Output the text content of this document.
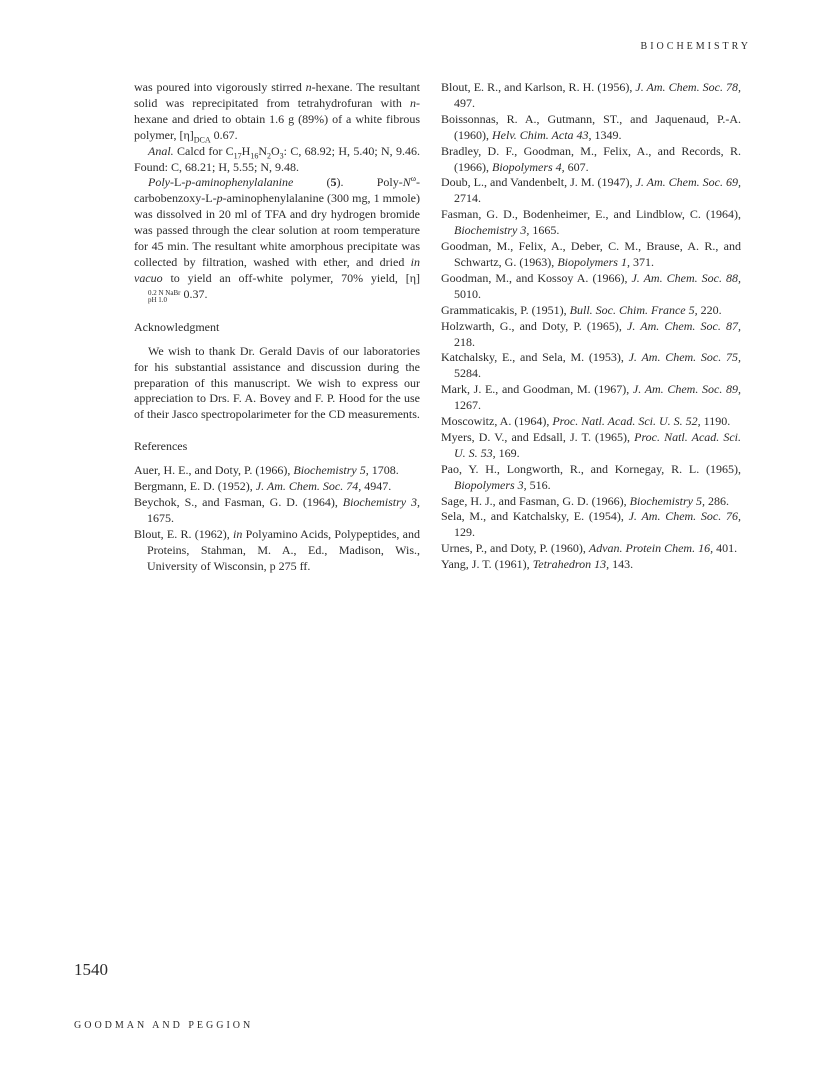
BIOCHEMISTRY

was poured into vigorously stirred n-hexane. The resultant solid was reprecipitated from tetrahydrofuran with n-hexane and dried to obtain 1.6 g (89%) of a white fibrous polymer, $[\eta]_{DCA}$ 0.67.

Anal. Calcd for $C_{17}H_{16}N_2O_3$: C, 68.92; H, 5.40; N, 9.46. Found: C, 68.21; H, 5.55; N, 9.48.

Poly-L-p-aminophenylalanine (5). Poly-$N^\omega-carbobenzoxy-L-p$-aminophenylalanine (300 mg, 1 mmole) was dissolved in 20 ml of TFA and dry hydrogen bromide was passed through the clear solution at room temperature for 45 min. The resultant white amorphous precipitate was collected by filtration, washed with ether, and dried in vacuo to yield an off-white polymer, 70% yield, [η]
0.2 N NaBr
pH 1.0	0.37.

Acknowledgment

We wish to thank Dr. Gerald Davis of our laboratories for his substantial assistance and discussion during the preparation of this manuscript. We wish to express our appreciation to Drs. F. A. Bovey and F. P. Hood for the use of their Jasco spectropolarimeter for the CD measurements.

References

Auer, H. E., and Doty, P. (1966), Biochemistry 5, 1708.

Bergmann, E. D. (1952), J. Am. Chem. Soc. 74, 4947.

Beychok, S., and Fasman, G. D. (1964), Biochemistry 3, 1675.

Blout, E. R. (1962), in Polyamino Acids, Polypeptides, and Proteins, Stahman, M. A., Ed., Madison, Wis., University of Wisconsin, p 275 ff.

Blout, E. R., and Karlson, R. H. (1956), J. Am. Chem. Soc. 78, 497.

Boissonnas, R. A., Gutmann, ST., and Jaquenaud, P.-A. (1960), Helv. Chim. Acta 43, 1349.

Bradley, D. F., Goodman, M., Felix, A., and Records, R. (1966), Biopolymers 4, 607.

Doub, L., and Vandenbelt, J. M. (1947), J. Am. Chem. Soc. 69, 2714.

Fasman, G. D., Bodenheimer, E., and Lindblow, C. (1964), Biochemistry 3, 1665.

Goodman, M., Felix, A., Deber, C. M., Brause, A. R., and Schwartz, G. (1963), Biopolymers 1, 371.

Goodman, M., and Kossoy A. (1966), J. Am. Chem. Soc. 88, 5010.

Grammaticakis, P. (1951), Bull. Soc. Chim. France 5, 220.

Holzwarth, G., and Doty, P. (1965), J. Am. Chem. Soc. 87, 218.

Katchalsky, E., and Sela, M. (1953), J. Am. Chem. Soc. 75, 5284.

Mark, J. E., and Goodman, M. (1967), J. Am. Chem. Soc. 89, 1267.

Moscowitz, A. (1964), Proc. Natl. Acad. Sci. U. S. 52, 1190.

Myers, D. V., and Edsall, J. T. (1965), Proc. Natl. Acad. Sci. U. S. 53, 169.

Pao, Y. H., Longworth, R., and Kornegay, R. L. (1965), Biopolymers 3, 516.

Sage, H. J., and Fasman, G. D. (1966), Biochemistry 5, 286.

Sela, M., and Katchalsky, E. (1954), J. Am. Chem. Soc. 76, 129.

Urnes, P., and Doty, P. (1960), Advan. Protein Chem. 16, 401.

Yang, J. T. (1961), Tetrahedron 13, 143.

1540
GOODMAN AND PEGGION
